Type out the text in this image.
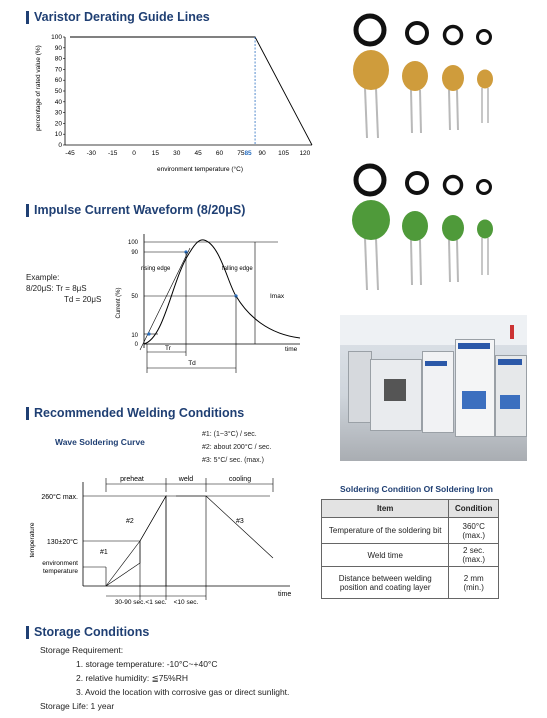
Varistor Derating Guide Lines
percentage of rated value (%)
100
90
80
70
60
50
40
30
20
10
0
-45 -30 -15 0 15 30 45 60 75 90 105 120
85
environment temperature (°C)
Impulse Current Waveform (8/20μS)
Example:
8/20μS: Tr = 8μS
Td = 20μS Current (%)
100
90
50
10
0	Tr
Td
rising edge	falling edge
Imax
time
Recommended Welding Conditions
Wave Soldering Curve
#1: (1~3°C) / sec.
#2: about 200°C / sec.
#3: 5°C/ sec. (max.)
preheat	weld	cooling
temperature
260°C max.
130±20°C
environment
temperature
#1
#2	#3
time
30-90 sec. <1 sec. <10 sec.
Soldering Condition Of Soldering Iron
Item	Condition
Temperature of the soldering bit	360°C (max.)
Weld time	2 sec. (max.)
Distance between welding position and coating layer	2 mm (min.)
Storage Conditions
Storage Requirement:
1. storage temperature: -10°C~+40°C
2. relative humidity: ≦75%RH
3. Avoid the location with corrosive gas or direct sunlight.
Storage Life: 1 year
